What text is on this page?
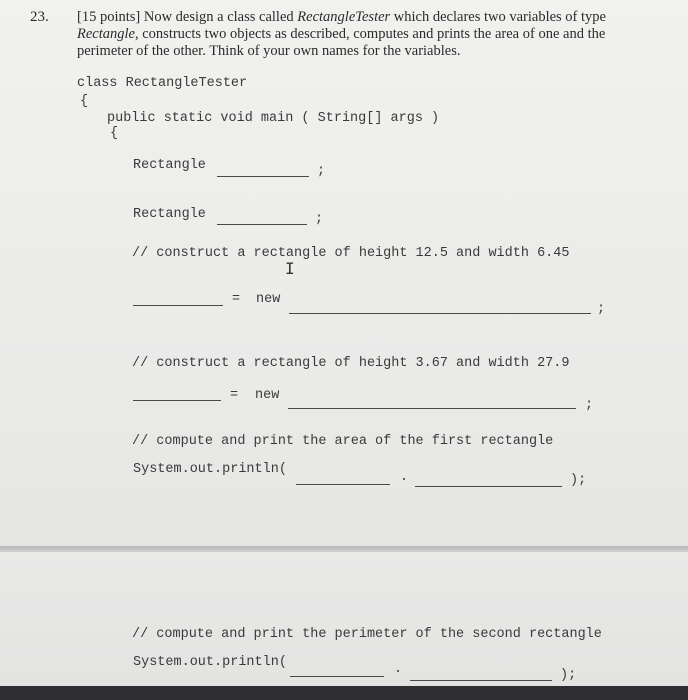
23. [15 points] Now design a class called RectangleTester which declares two variables of type Rectangle, constructs two objects as described, computes and prints the area of one and the perimeter of the other. Think of your own names for the variables.
class RectangleTester
{
public static void main ( String[] args )
{
Rectangle	;
Rectangle	;
// construct a rectangle of height 12.5 and width 6.45
I
= new
;
// construct a rectangle of height 3.67 and width 27.9
= new
;
// compute and print the area of the first rectangle
System.out.println(
.	);
// compute and print the perimeter of the second rectangle
System.out.println(	.	);
